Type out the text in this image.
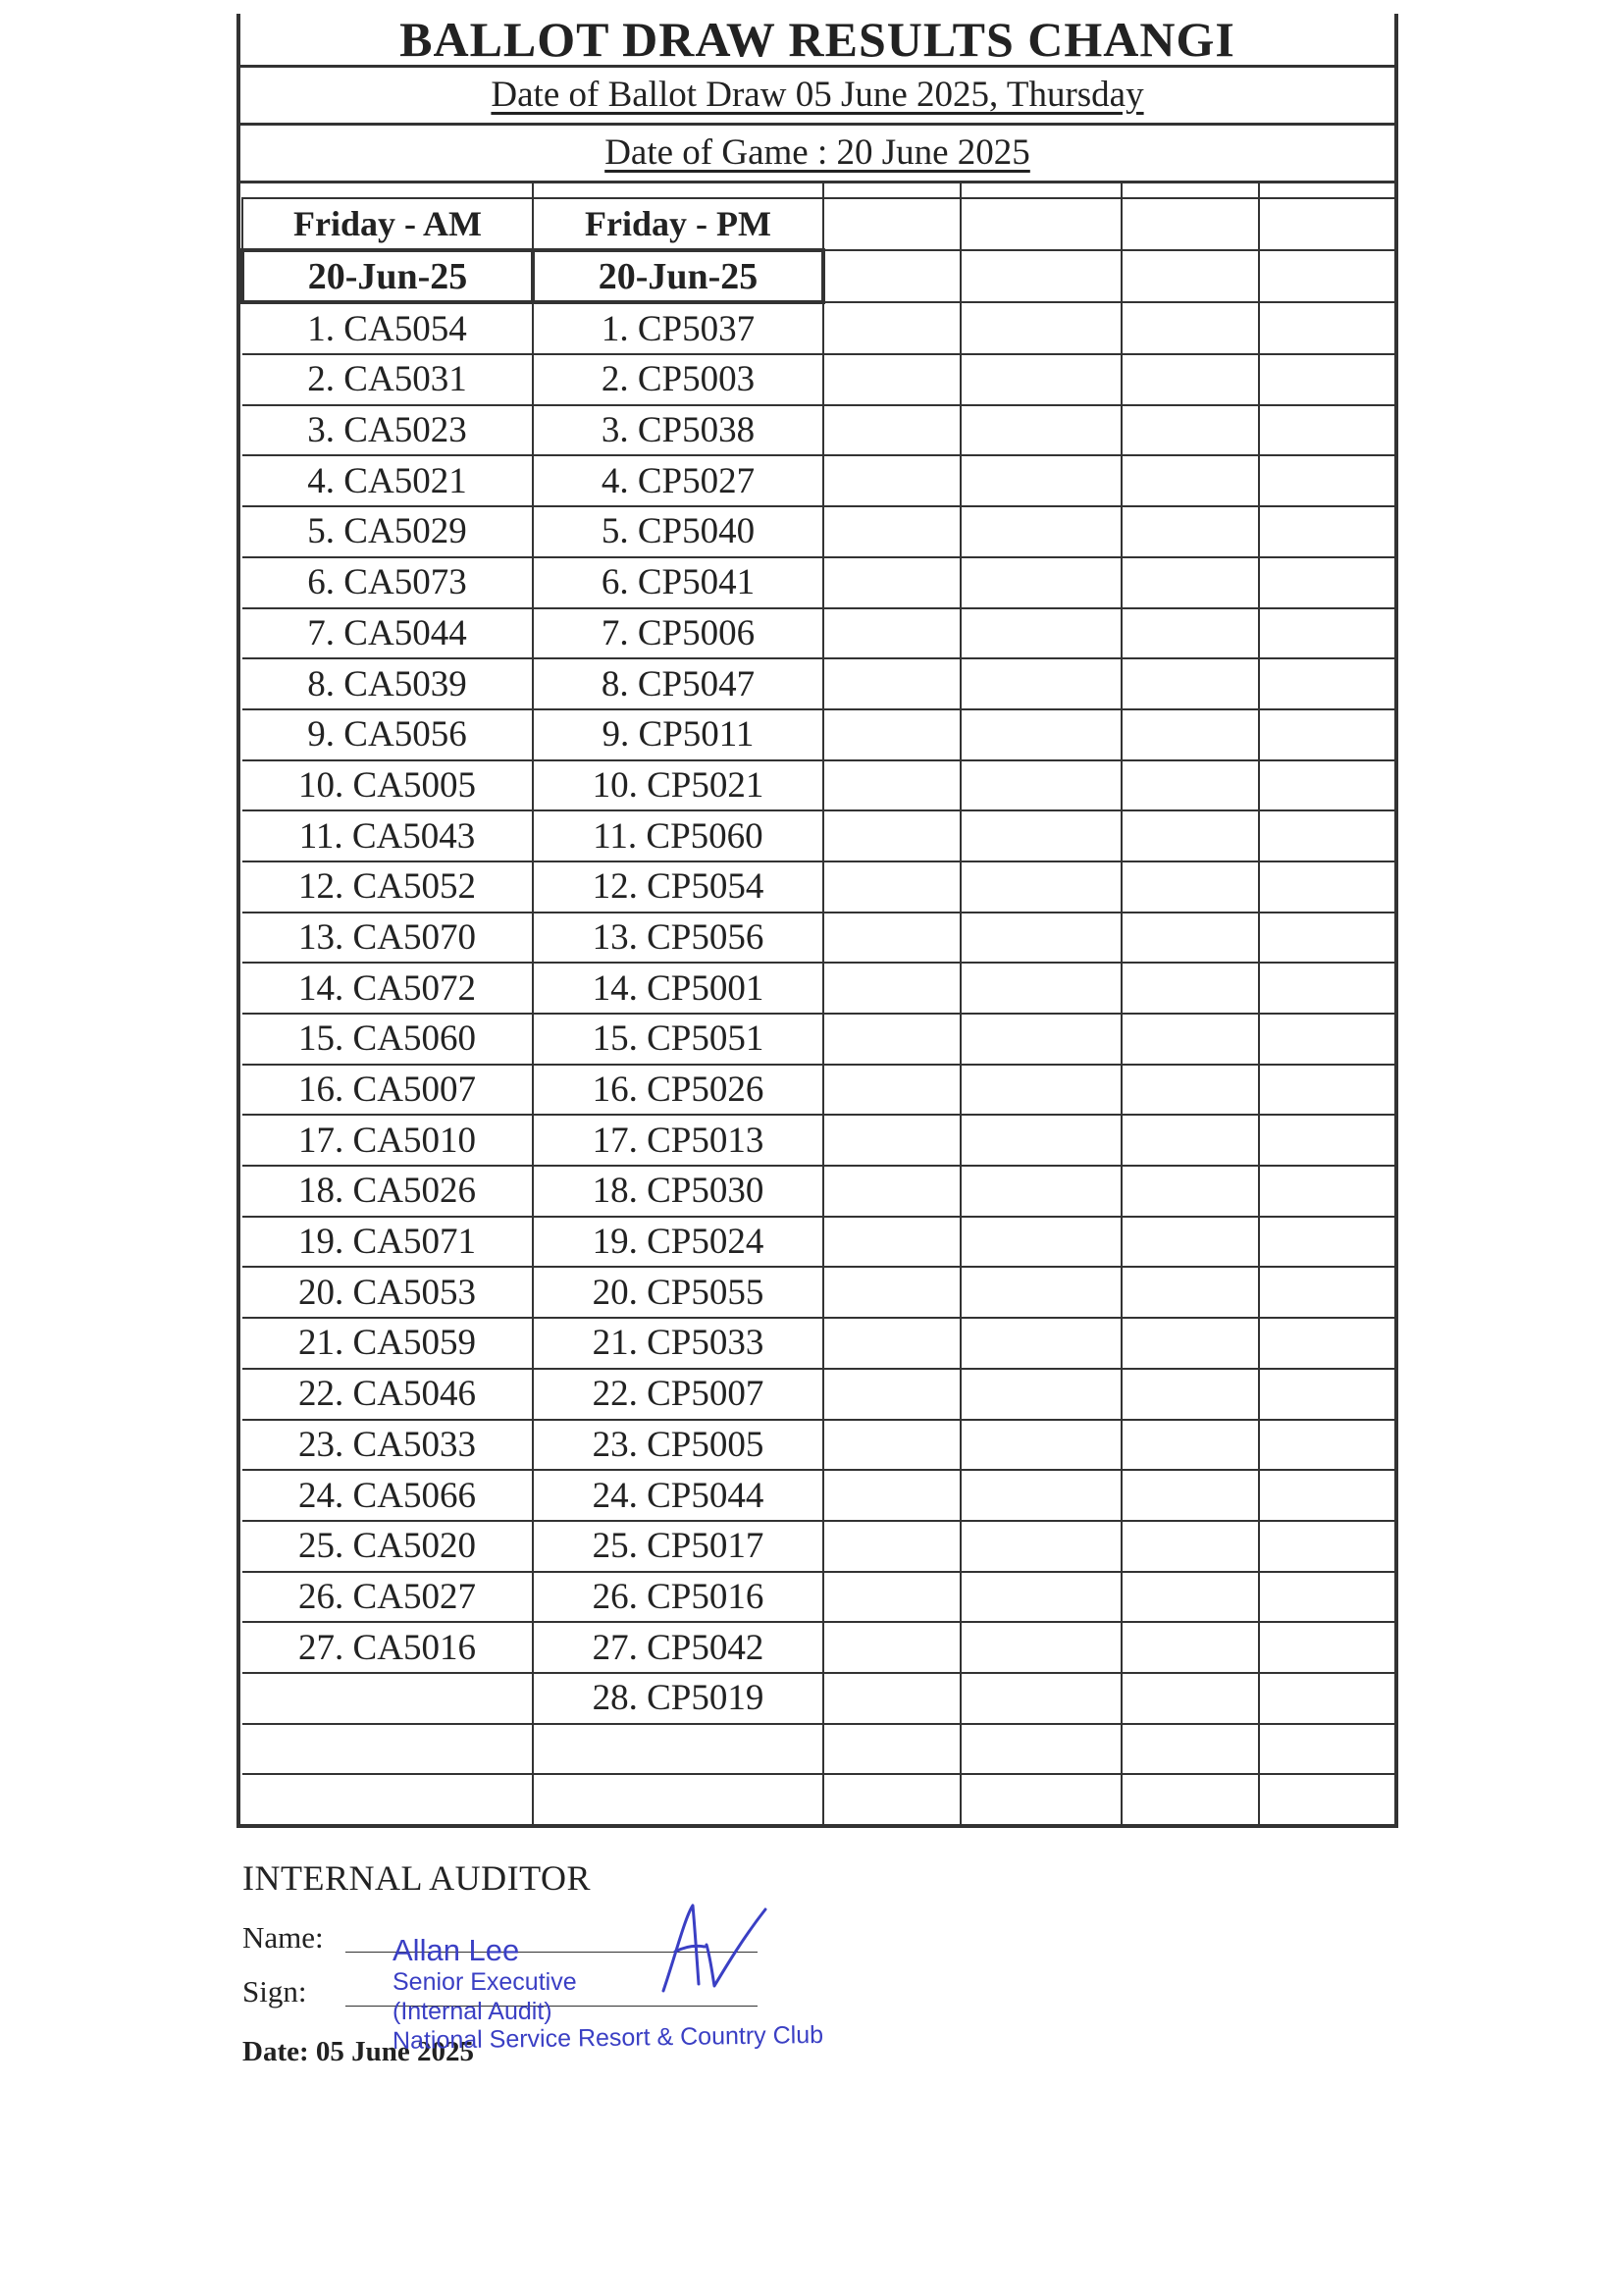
BALLOT DRAW RESULTS CHANGI
Date of Ballot Draw 05 June 2025, Thursday
Date of Game : 20 June 2025

Friday - AM	Friday - PM				
20-Jun-25	20-Jun-25				
1. CA5054	1. CP5037				
2. CA5031	2. CP5003				
3. CA5023	3. CP5038				
4. CA5021	4. CP5027				
5. CA5029	5. CP5040				
6. CA5073	6. CP5041				
7. CA5044	7. CP5006				
8. CA5039	8. CP5047				
9. CA5056	9. CP5011				
10. CA5005	10. CP5021				
11. CA5043	11. CP5060				
12. CA5052	12. CP5054				
13. CA5070	13. CP5056				
14. CA5072	14. CP5001				
15. CA5060	15. CP5051				
16. CA5007	16. CP5026				
17. CA5010	17. CP5013				
18. CA5026	18. CP5030				
19. CA5071	19. CP5024				
20. CA5053	20. CP5055				
21. CA5059	21. CP5033				
22. CA5046	22. CP5007				
23. CA5033	23. CP5005				
24. CA5066	24. CP5044				
25. CA5020	25. CP5017				
26. CA5027	26. CP5016				
27. CA5016	27. CP5042				
	28. CP5019				

INTERNAL AUDITOR
Name:
Sign:
Date: 05 June 2025
Allan Lee
Senior Executive
(Internal Audit)
National Service Resort & Country Club
